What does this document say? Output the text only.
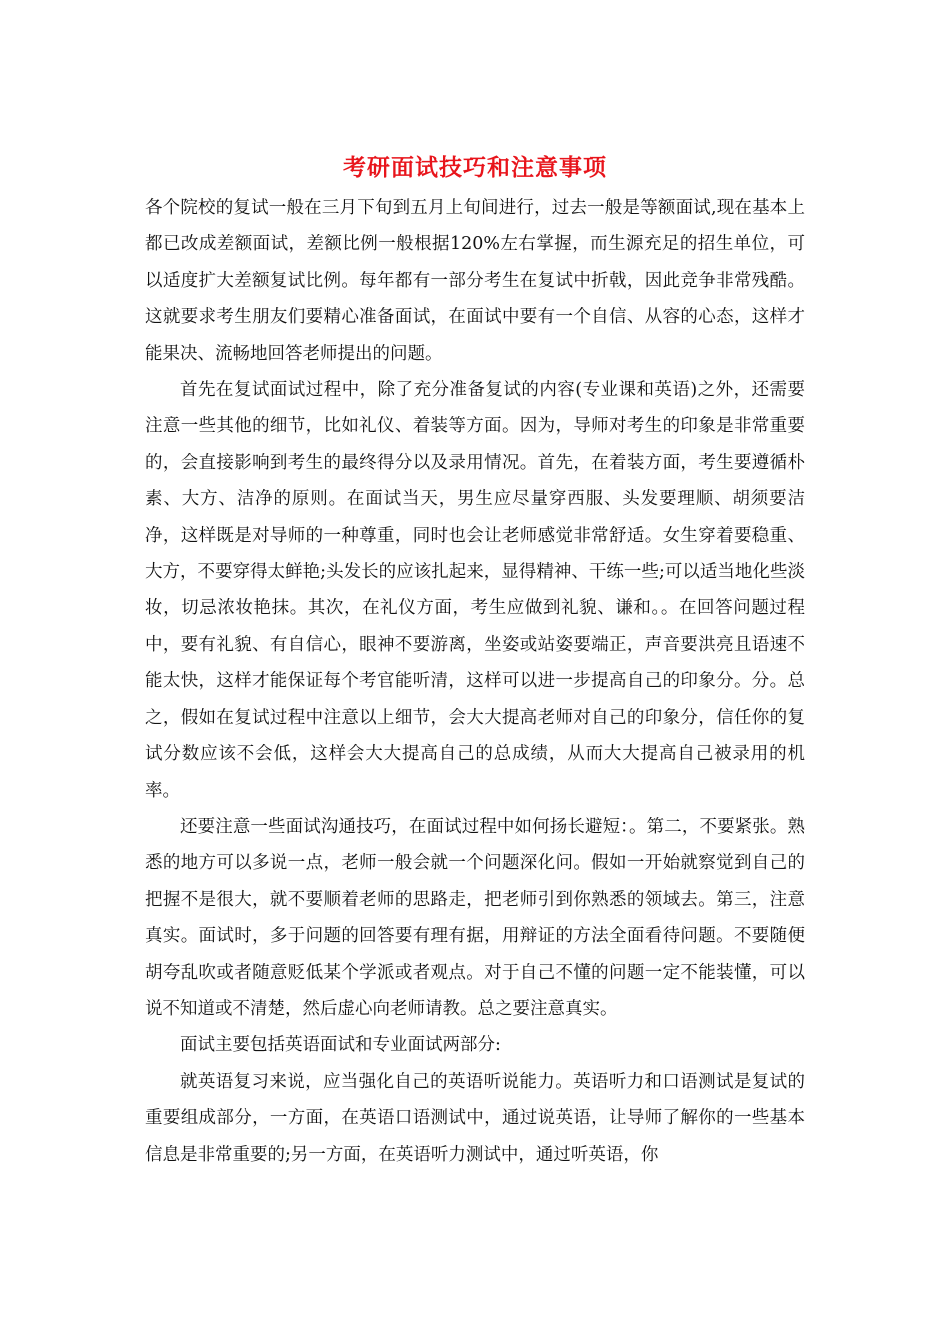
考研面试技巧和注意事项

各个院校的复试一般在三月下旬到五月上旬间进行，过去一般是等额面试,现在基本上都已改成差额面试，差额比例一般根据120%左右掌握，而生源充足的招生单位，可以适度扩大差额复试比例。每年都有一部分考生在复试中折戟，因此竞争非常残酷。这就要求考生朋友们要精心准备面试，在面试中要有一个自信、从容的心态，这样才能果决、流畅地回答老师提出的问题。

首先在复试面试过程中，除了充分准备复试的内容(专业课和英语)之外，还需要注意一些其他的细节，比如礼仪、着装等方面。因为，导师对考生的印象是非常重要的，会直接影响到考生的最终得分以及录用情况。首先，在着装方面，考生要遵循朴素、大方、洁净的原则。在面试当天，男生应尽量穿西服、头发要理顺、胡须要洁净，这样既是对导师的一种尊重，同时也会让老师感觉非常舒适。女生穿着要稳重、大方，不要穿得太鲜艳;头发长的应该扎起来，显得精神、干练一些;可以适当地化些淡妆，切忌浓妆艳抹。其次，在礼仪方面，考生应做到礼貌、谦和。。在回答问题过程中，要有礼貌、有自信心，眼神不要游离，坐姿或站姿要端正，声音要洪亮且语速不能太快，这样才能保证每个考官能听清，这样可以进一步提高自己的印象分。分。总之，假如在复试过程中注意以上细节，会大大提高老师对自己的印象分，信任你的复试分数应该不会低，这样会大大提高自己的总成绩，从而大大提高自己被录用的机率。

还要注意一些面试沟通技巧，在面试过程中如何扬长避短：。第二，不要紧张。熟悉的地方可以多说一点，老师一般会就一个问题深化问。假如一开始就察觉到自己的把握不是很大，就不要顺着老师的思路走，把老师引到你熟悉的领域去。第三，注意真实。面试时，多于问题的回答要有理有据，用辩证的方法全面看待问题。不要随便胡夸乱吹或者随意贬低某个学派或者观点。对于自己不懂的问题一定不能装懂，可以说不知道或不清楚，然后虚心向老师请教。总之要注意真实。

面试主要包括英语面试和专业面试两部分:

就英语复习来说，应当强化自己的英语听说能力。英语听力和口语测试是复试的重要组成部分，一方面，在英语口语测试中，通过说英语，让导师了解你的一些基本信息是非常重要的;另一方面，在英语听力测试中，通过听英语，你
